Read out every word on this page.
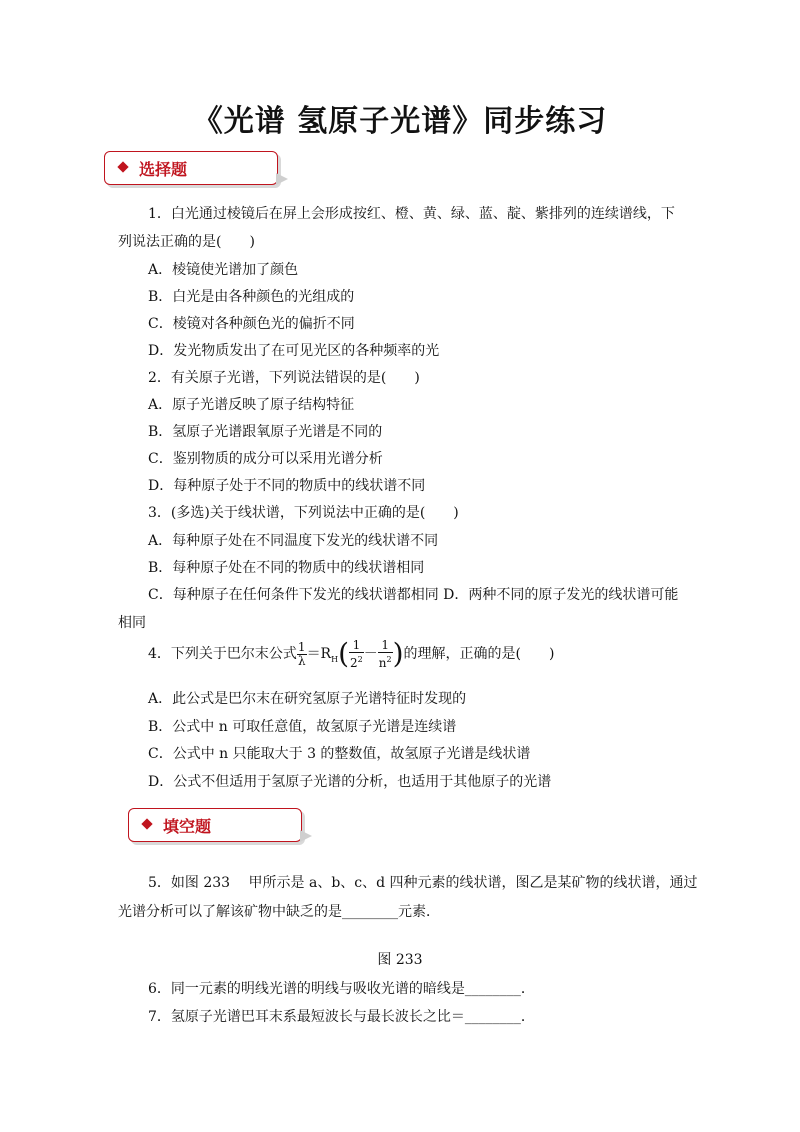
《光谱 氢原子光谱》同步练习
选择题
1．白光通过棱镜后在屏上会形成按红、橙、黄、绿、蓝、靛、紫排列的连续谱线，下
列说法正确的是(　　)
A．棱镜使光谱加了颜色
B．白光是由各种颜色的光组成的
C．棱镜对各种颜色光的偏折不同
D．发光物质发出了在可见光区的各种频率的光
2．有关原子光谱，下列说法错误的是(　　)
A．原子光谱反映了原子结构特征
B．氢原子光谱跟氧原子光谱是不同的
C．鉴别物质的成分可以采用光谱分析
D．每种原子处于不同的物质中的线状谱不同
3．(多选)关于线状谱，下列说法中正确的是(　　)
A．每种原子处在不同温度下发光的线状谱不同
B．每种原子处在不同的物质中的线状谱相同
C．每种原子在任何条件下发光的线状谱都相同 D．两种不同的原子发光的线状谱可能
相同
4．下列关于巴尔末公式 $\frac{1}{\lambda} =R_H( \frac{1}{2^2} - \frac{1}{n^2}$ )的理解，正确的是(　　)
A．此公式是巴尔末在研究氢原子光谱特征时发现的
B．公式中 n 可取任意值，故氢原子光谱是连续谱
C．公式中 n 只能取大于 3 的整数值，故氢原子光谱是线状谱
D．公式不但适用于氢原子光谱的分析，也适用于其他原子的光谱
填空题
5．如图 233　 甲所示是 a、b、c、d 四种元素的线状谱，图乙是某矿物的线状谱，通过
光谱分析可以了解该矿物中缺乏的是________元素．
图 233
6．同一元素的明线光谱的明线与吸收光谱的暗线是________．
7．氢原子光谱巴耳末系最短波长与最长波长之比＝________．
